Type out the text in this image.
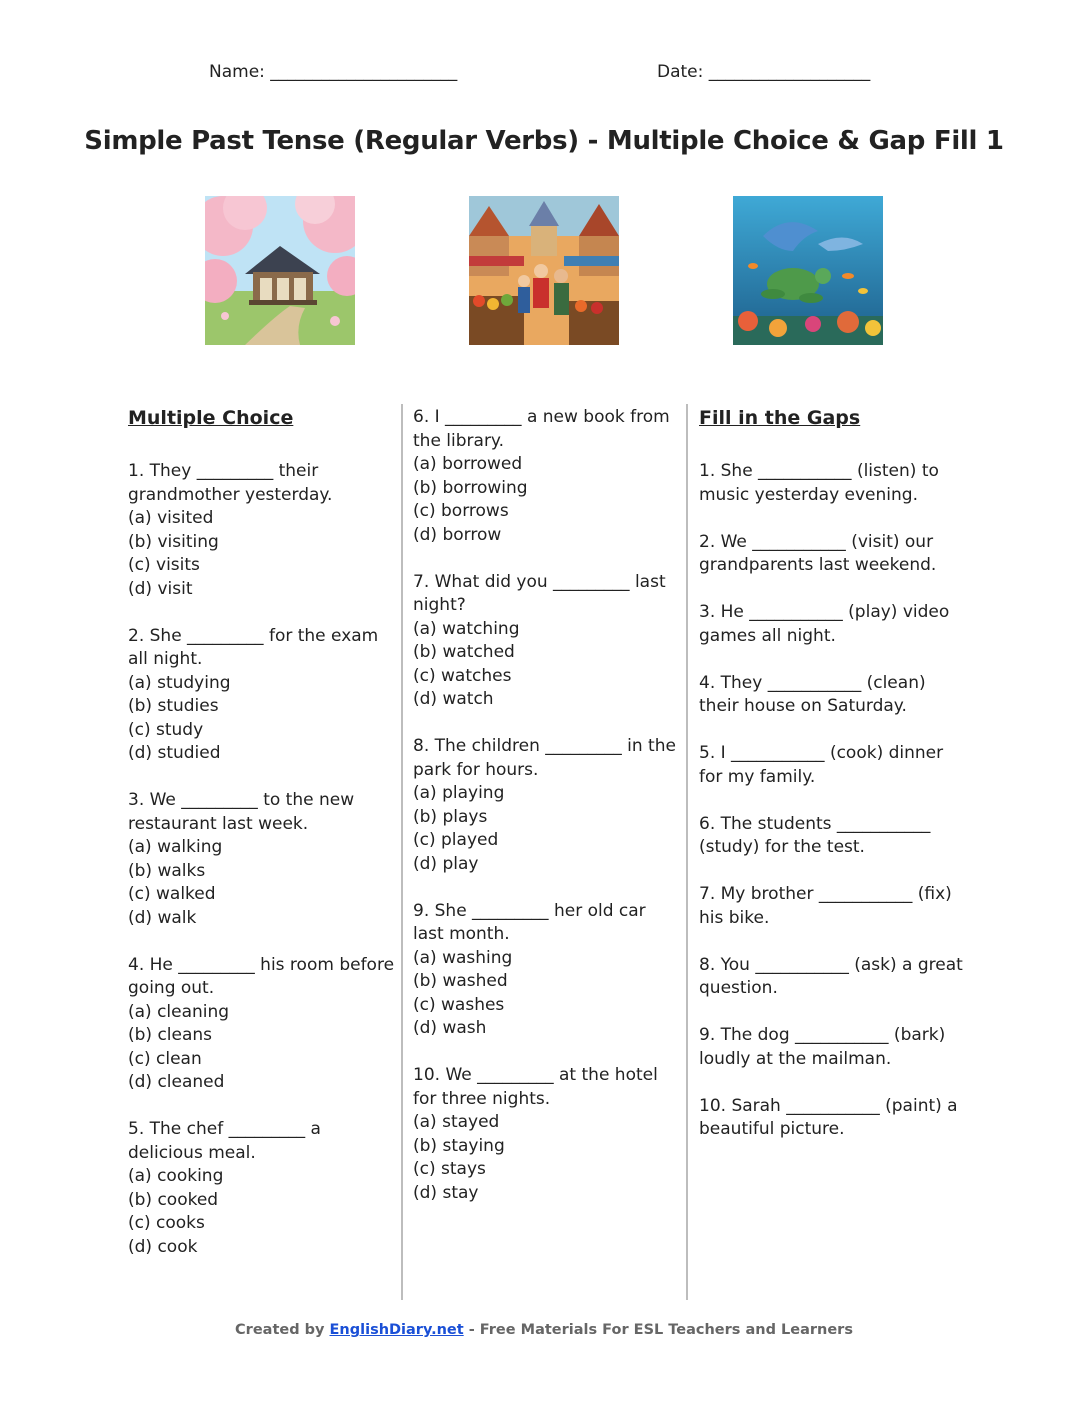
Name: ______________________	Date: ___________________
Simple Past Tense (Regular Verbs) - Multiple Choice & Gap Fill 1
Multiple Choice
1. They _________ their grandmother yesterday.
(a) visited
(b) visiting
(c) visits
(d) visit
2. She _________ for the exam all night.
(a) studying
(b) studies
(c) study
(d) studied
3. We _________ to the new restaurant last week.
(a) walking
(b) walks
(c) walked
(d) walk
4. He _________ his room before going out.
(a) cleaning
(b) cleans
(c) clean
(d) cleaned
5. The chef _________ a delicious meal.
(a) cooking
(b) cooked
(c) cooks
(d) cook
6. I _________ a new book from the library.
(a) borrowed
(b) borrowing
(c) borrows
(d) borrow
7. What did you _________ last night?
(a) watching
(b) watched
(c) watches
(d) watch
8. The children _________ in the park for hours.
(a) playing
(b) plays
(c) played
(d) play
9. She _________ her old car last month.
(a) washing
(b) washed
(c) washes
(d) wash
10. We _________ at the hotel for three nights.
(a) stayed
(b) staying
(c) stays
(d) stay
Fill in the Gaps
1. She ___________ (listen) to music yesterday evening.
2. We ___________ (visit) our grandparents last weekend.
3. He ___________ (play) video games all night.
4. They ___________ (clean) their house on Saturday.
5. I ___________ (cook) dinner for my family.
6. The students ___________ (study) for the test.
7. My brother ___________ (fix) his bike.
8. You ___________ (ask) a great question.
9. The dog ___________ (bark) loudly at the mailman.
10. Sarah ___________ (paint) a beautiful picture.
Created by EnglishDiary.net - Free Materials For ESL Teachers and Learners
